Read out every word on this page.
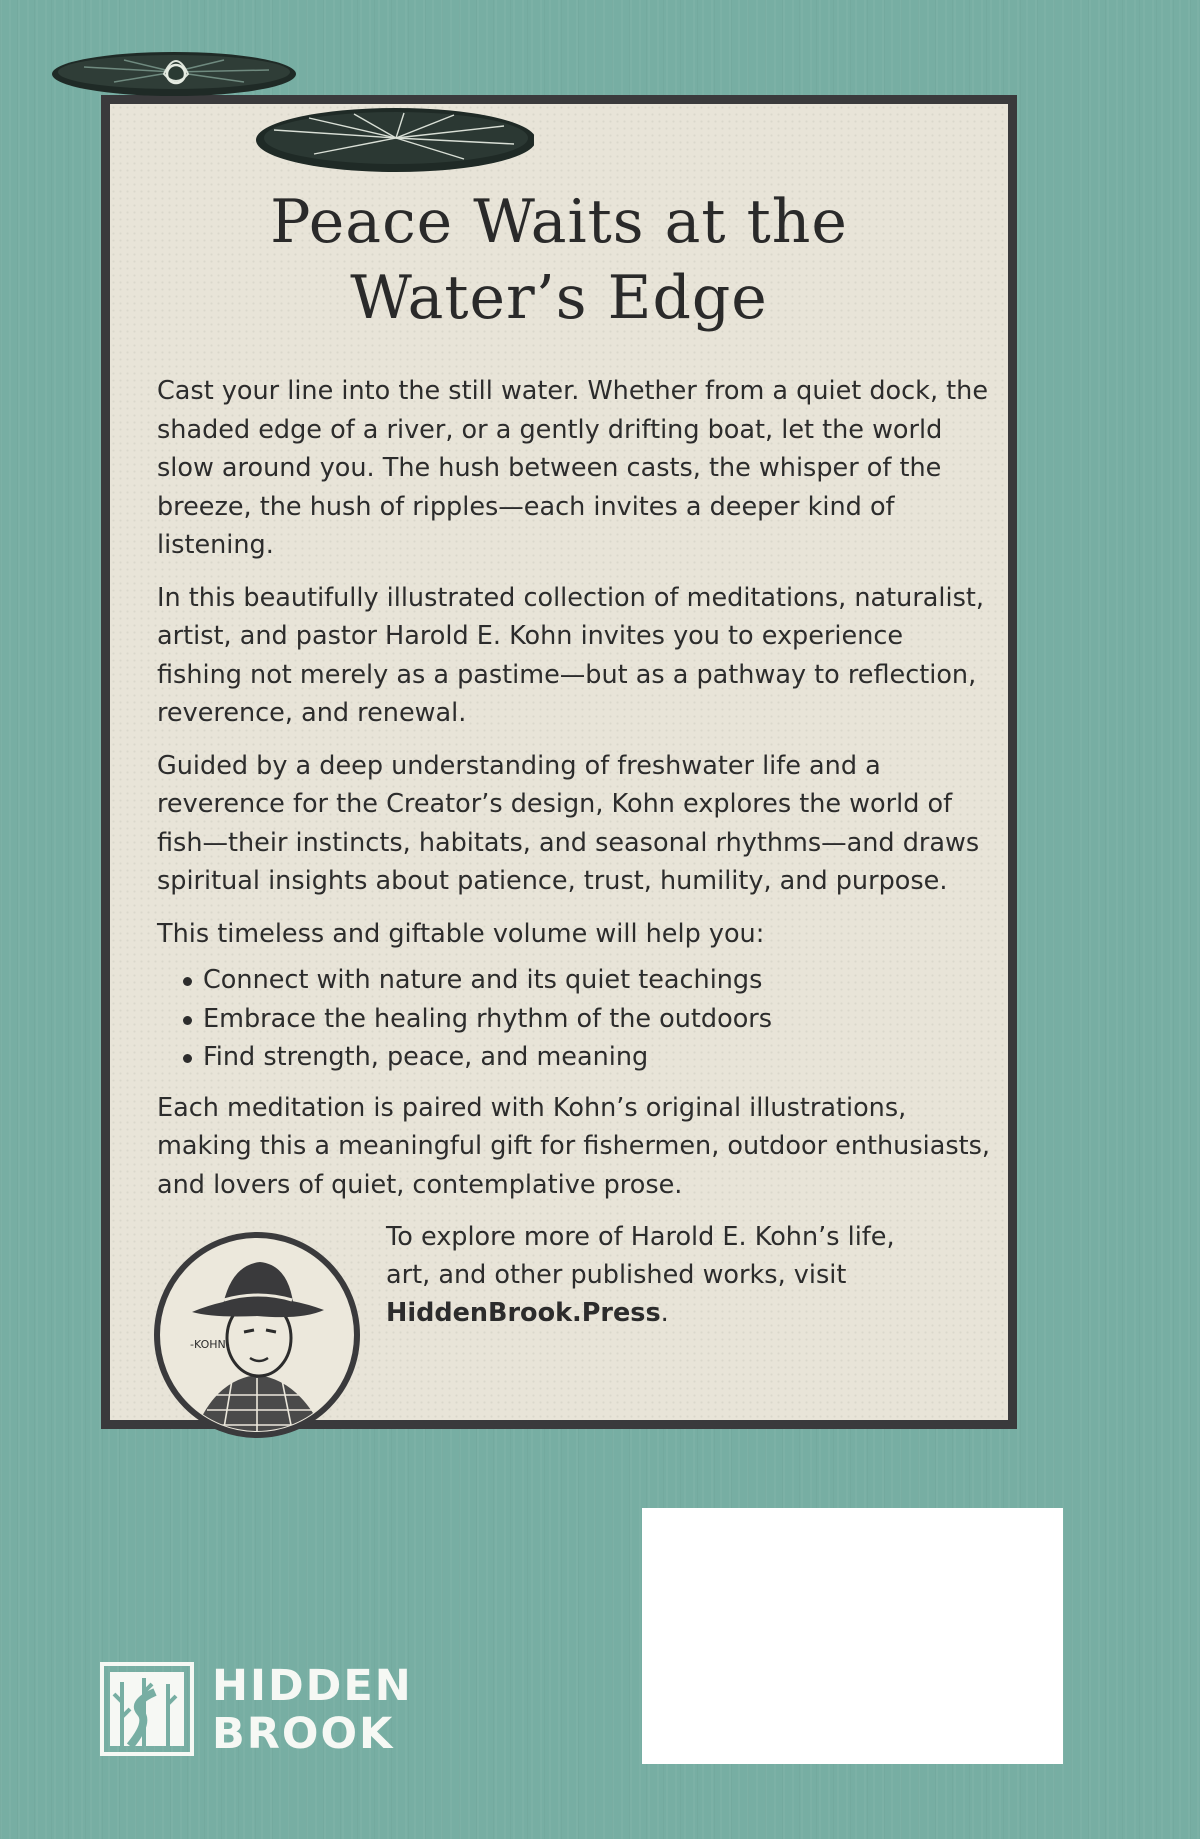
Peace Waits at the
Water’s Edge

Cast your line into the still water. Whether from a quiet dock, the shaded edge of a river, or a gently drifting boat, let the world slow around you. The hush between casts, the whisper of the breeze, the hush of ripples—each invites a deeper kind of listening.

In this beautifully illustrated collection of meditations, naturalist, artist, and pastor Harold E. Kohn invites you to experience fishing not merely as a pastime—but as a pathway to reflection, reverence, and renewal.

Guided by a deep understanding of freshwater life and a reverence for the Creator’s design, Kohn explores the world of fish—their instincts, habitats, and seasonal rhythms—and draws spiritual insights about patience, trust, humility, and purpose.

This timeless and giftable volume will help you:

Connect with nature and its quiet teachings
Embrace the healing rhythm of the outdoors
Find strength, peace, and meaning

Each meditation is paired with Kohn’s original illustrations, making this a meaningful gift for fishermen, outdoor enthusiasts, and lovers of quiet, contemplative prose.

-KOHN-
To explore more of Harold E. Kohn’s life, art, and other published works, visit HiddenBrook.Press.
HIDDEN
BROOK
